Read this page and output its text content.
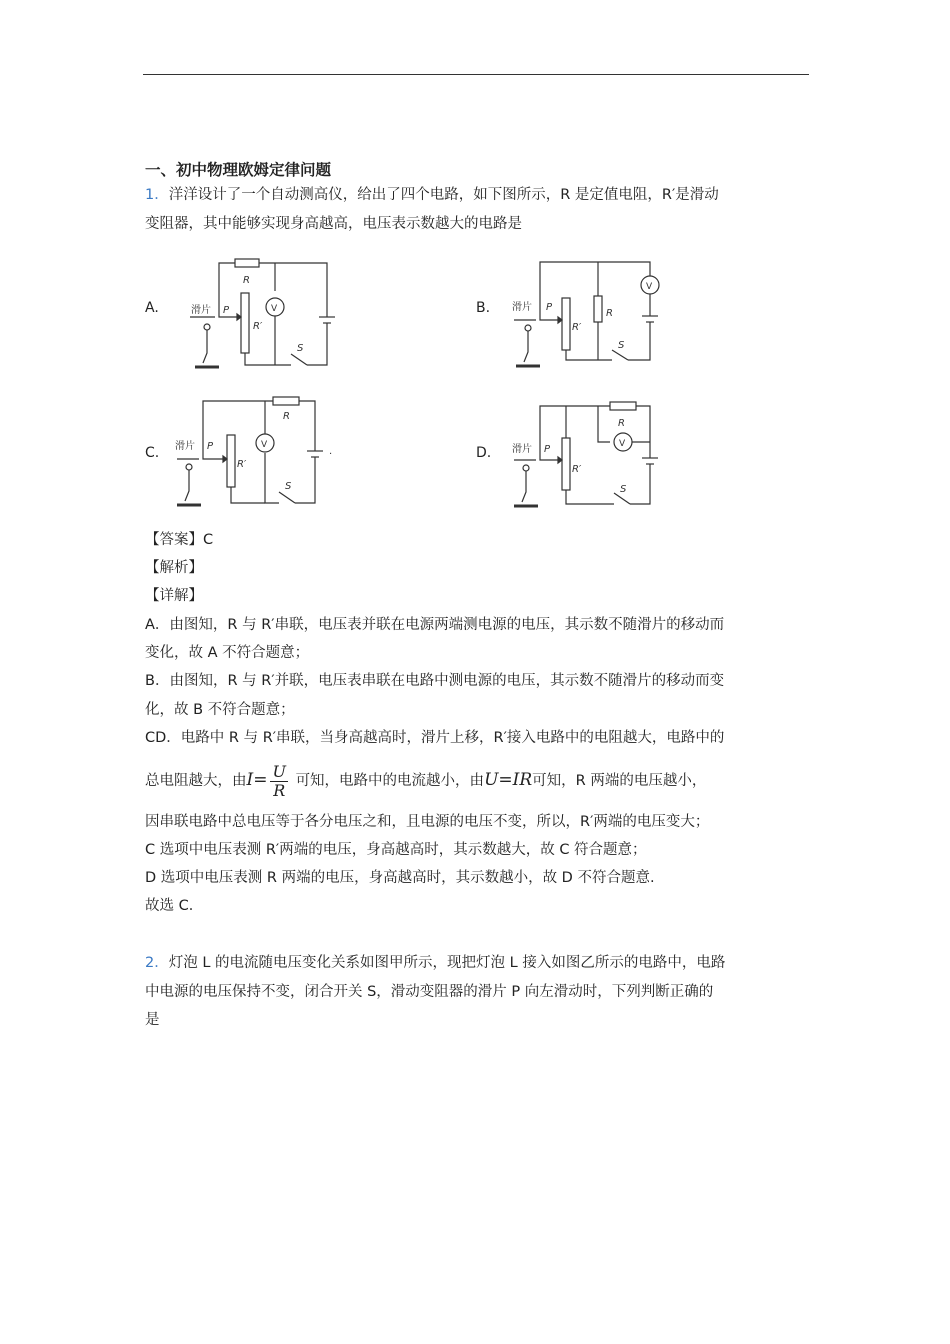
一、初中物理欧姆定律问题
1．洋洋设计了一个自动测高仪，给出了四个电路，如下图所示，R 是定值电阻，R′是滑动
变阻器，其中能够实现身高越高，电压表示数越大的电路是
A.	B.
C.	D.
滑片 P
R
R′
V
S
滑片 P
R
R′
V
S
滑片 P
R
R′
V
S
·	滑片 P
R
R′
V
S
【答案】C
【解析】
【详解】
A．由图知，R 与 R′串联，电压表并联在电源两端测电源的电压，其示数不随滑片的移动而
变化，故 A 不符合题意；
B．由图知，R 与 R′并联，电压表串联在电路中测电源的电压，其示数不随滑片的移动而变
化，故 B 不符合题意；
CD．电路中 R 与 R′串联，当身高越高时，滑片上移，R′接入电路中的电阻越大，电路中的
总电阻越大，由$I= \frac{U}{R}$ 可知，电路中的电流越小，由U=IR可知，R 两端的电压越小，
因串联电路中总电压等于各分电压之和，且电源的电压不变，所以，R′两端的电压变大；
C 选项中电压表测 R′两端的电压，身高越高时，其示数越大，故 C 符合题意；
D 选项中电压表测 R 两端的电压，身高越高时，其示数越小，故 D 不符合题意.
故选 C．
2．灯泡 L 的电流随电压变化关系如图甲所示，现把灯泡 L 接入如图乙所示的电路中，电路
中电源的电压保持不变，闭合开关 S，滑动变阻器的滑片 P 向左滑动时，下列判断正确的
是
